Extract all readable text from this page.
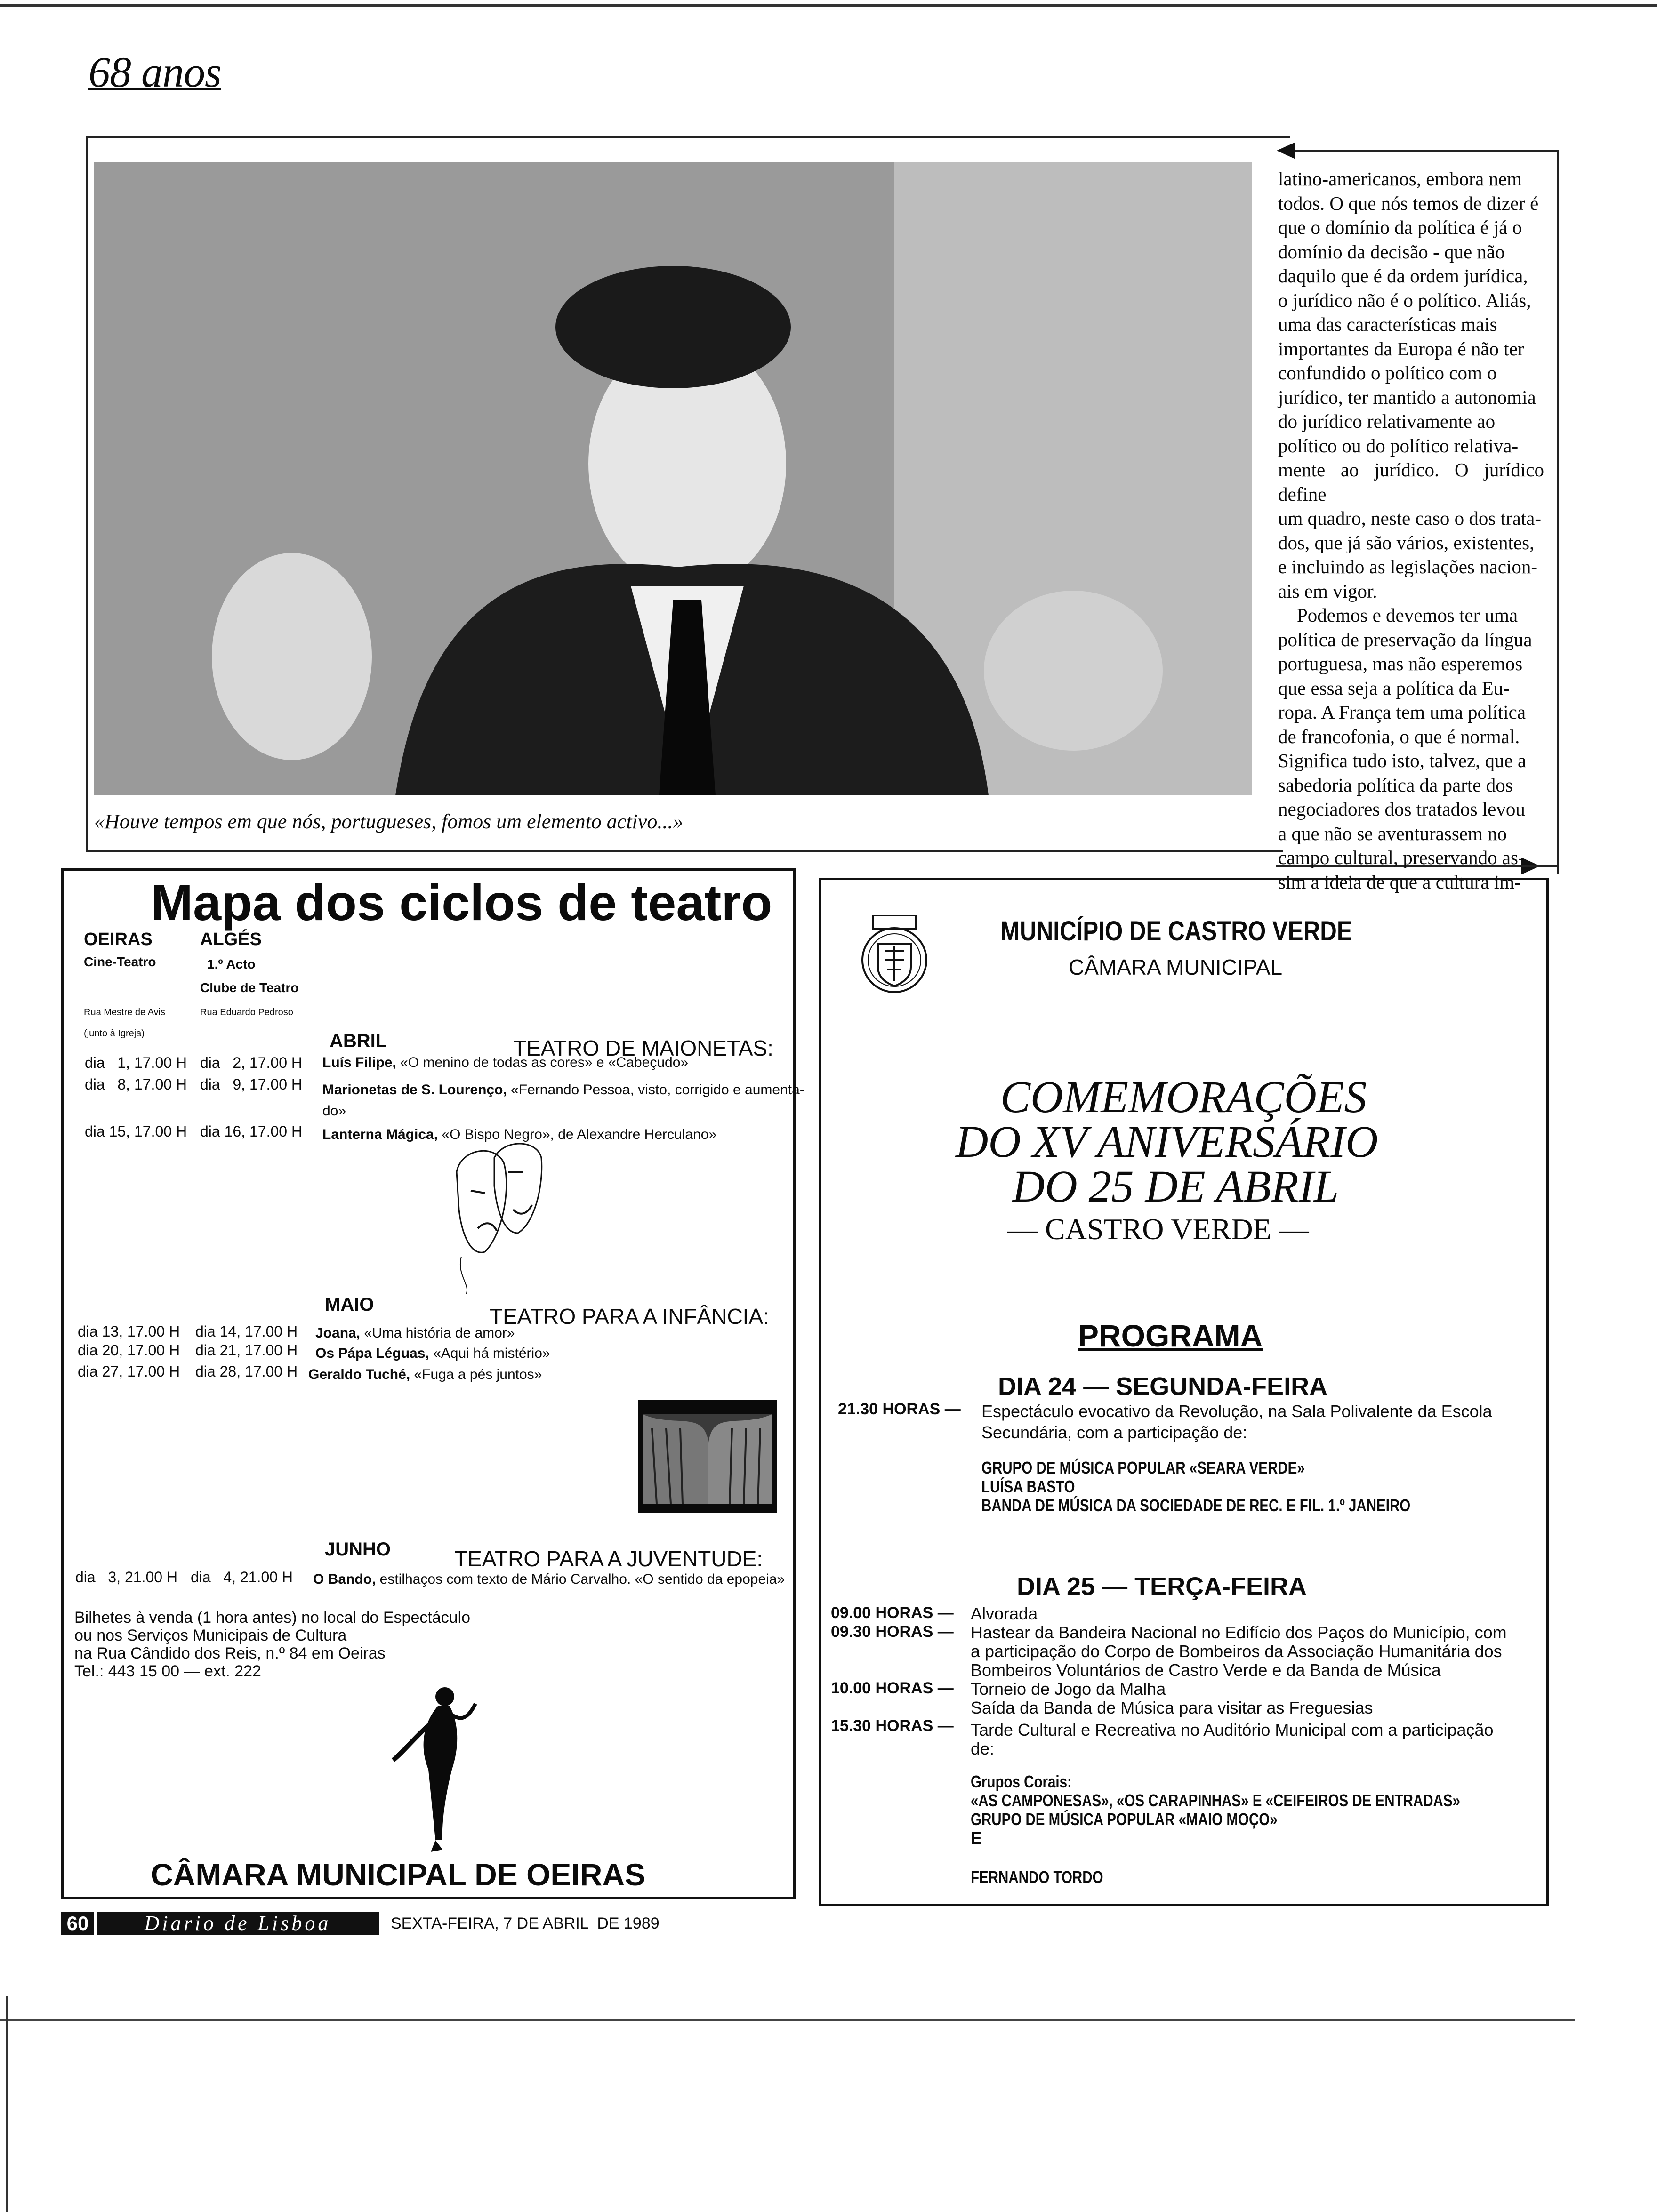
68 anos
«Houve tempos em que nós, portugueses, fomos um elemento activo...»

latino-americanos, embora nem

todos. O que nós temos de dizer é

que o domínio da política é já o

domínio da decisão - que não

daquilo que é da ordem jurídica,

o jurídico não é o político. Aliás,

uma das características mais

importantes da Europa é não ter

confundido o político com o

jurídico, ter mantido a autonomia

do jurídico relativamente ao

político ou do político relativa-

mente ao jurídico. O jurídico define

um quadro, neste caso o dos trata-

dos, que já são vários, existentes,

e incluindo as legislações nacion-

ais em vigor.

Podemos e devemos ter uma

política de preservação da língua

portuguesa, mas não esperemos

que essa seja a política da Eu-

ropa. A França tem uma política

de francofonia, o que é normal.

Significa tudo isto, talvez, que a

sabedoria política da parte dos

negociadores dos tratados levou

a que não se aventurassem no

campo cultural, preservando as-

sim a ideia de que a cultura im-

Mapa dos ciclos de teatro
OEIRAS
Cine-Teatro
Rua Mestre de Avis
(junto à Igreja)
ALGÉS
1.º Acto
Clube de Teatro
Rua Eduardo Pedroso
ABRIL	TEATRO DE MAIONETAS:
dia   1, 17.00 H dia   2, 17.00 H Luís Filipe, «O menino de todas as cores» e «Cabeçudo»
dia   8, 17.00 H dia   9, 17.00 H Marionetas de S. Lourenço, «Fernando Pessoa, visto, corrigido e aumenta-
do»
dia 15, 17.00 H dia 16, 17.00 H Lanterna Mágica, «O Bispo Negro», de Alexandre Herculano»
MAIO	TEATRO PARA A INFÂNCIA:
dia 13, 17.00 H dia 14, 17.00 H Joana, «Uma história de amor»
dia 20, 17.00 H dia 21, 17.00 H Os Pápa Léguas, «Aqui há mistério»
dia 27, 17.00 H dia 28, 17.00 H Geraldo Tuché, «Fuga a pés juntos»
JUNHO	TEATRO PARA A JUVENTUDE:
dia   3, 21.00 H dia   4, 21.00 H O Bando, estilhaços com texto de Mário Carvalho. «O sentido da epopeia»
Bilhetes à venda (1 hora antes) no local do Espectáculo
ou nos Serviços Municipais de Cultura
na Rua Cândido dos Reis, n.º 84 em Oeiras
Tel.: 443 15 00 — ext. 222
CÂMARA MUNICIPAL DE OEIRAS
MUNICÍPIO DE CASTRO VERDE
CÂMARA MUNICIPAL
COMEMORAÇÕES
DO XV ANIVERSÁRIO
DO 25 DE ABRIL
— CASTRO VERDE —
PROGRAMA
DIA 24 — SEGUNDA-FEIRA
21.30 HORAS — Espectáculo evocativo da Revolução, na Sala Polivalente da Escola
Secundária, com a participação de:
GRUPO DE MÚSICA POPULAR «SEARA VERDE»
LUÍSA BASTO
BANDA DE MÚSICA DA SOCIEDADE DE REC. E FIL. 1.º JANEIRO
DIA 25 — TERÇA-FEIRA
09.00 HORAS — Alvorada
09.30 HORAS — Hastear da Bandeira Nacional no Edifício dos Paços do Município, com
a participação do Corpo de Bombeiros da Associação Humanitária dos
Bombeiros Voluntários de Castro Verde e da Banda de Música
10.00 HORAS — Torneio de Jogo da Malha
Saída da Banda de Música para visitar as Freguesias
15.30 HORAS — Tarde Cultural e Recreativa no Auditório Municipal com a participação
de:
Grupos Corais:
«AS CAMPONESAS», «OS CARAPINHAS» E «CEIFEIROS DE ENTRADAS»
GRUPO DE MÚSICA POPULAR «MAIO MOÇO»
E
FERNANDO TORDO
60	Diario de Lisboa	SEXTA-FEIRA, 7 DE ABRIL  DE 1989
